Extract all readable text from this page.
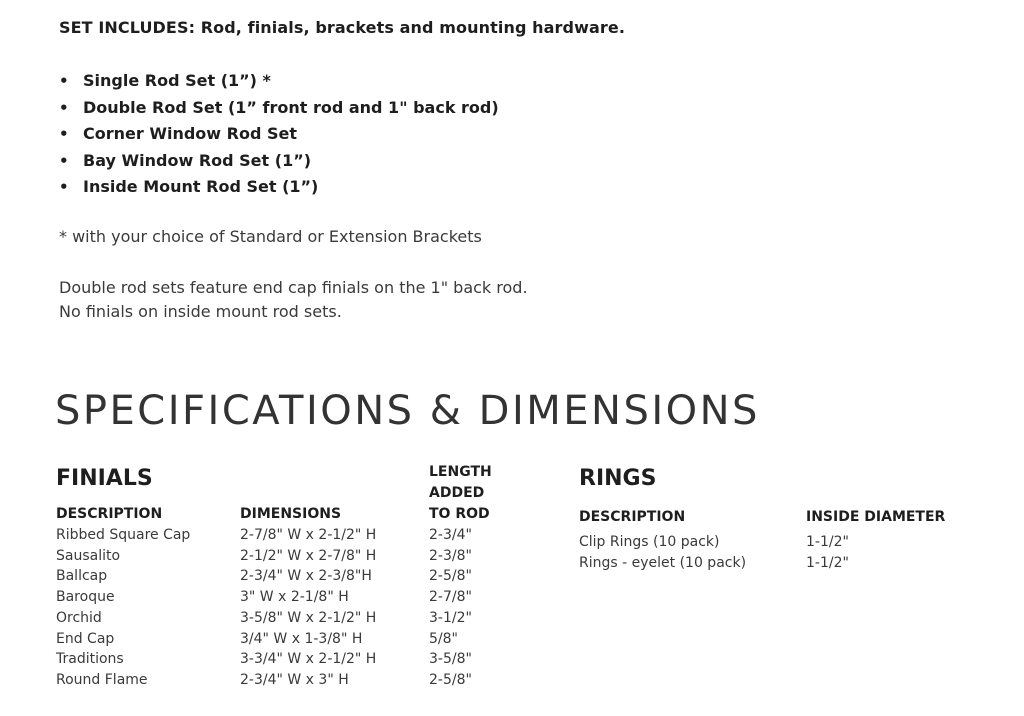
SET INCLUDES: Rod, finials, brackets and mounting hardware.
• Single Rod Set (1”) *
• Double Rod Set (1” front rod and 1" back rod)
• Corner Window Rod Set
• Bay Window Rod Set (1”)
• Inside Mount Rod Set (1”)
* with your choice of Standard or Extension Brackets
Double rod sets feature end cap finials on the 1" back rod.
No finials on inside mount rod sets.
SPECIFICATIONS & DIMENSIONS
FINIALS
DESCRIPTION	DIMENSIONS
LENGTH
ADDED
TO ROD
Ribbed Square Cap
Sausalito
Ballcap
Baroque
Orchid
End Cap
Traditions
Round Flame
2-7/8" W x 2-1/2" H
2-1/2" W x 2-7/8" H
2-3/4" W x 2-3/8"H
3" W x 2-1/8" H
3-5/8" W x 2-1/2" H
3/4" W x 1-3/8" H
3-3/4" W x 2-1/2" H
2-3/4" W x 3" H
2-3/4"
2-3/8"
2-5/8"
2-7/8"
3-1/2"
5/8"
3-5/8"
2-5/8"
RINGS
DESCRIPTION	INSIDE DIAMETER
Clip Rings (10 pack)
Rings - eyelet (10 pack)
1-1/2"
1-1/2"
